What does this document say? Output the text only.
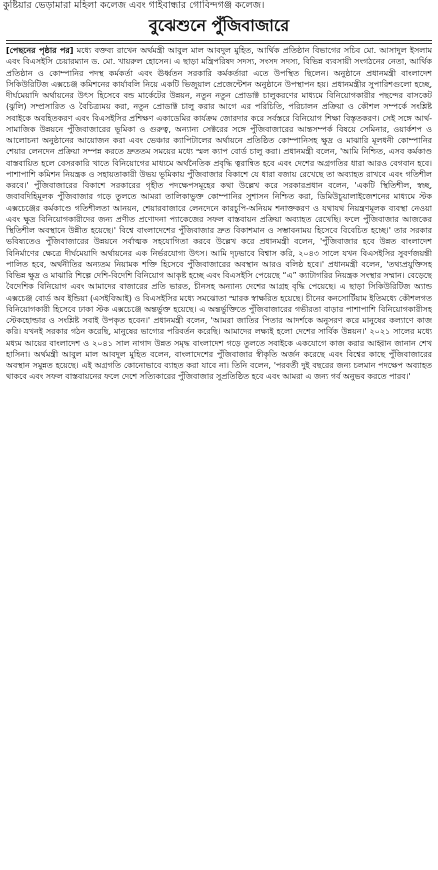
কুষ্টিয়ার ভেড়ামারা মহিলা কলেজ এবং গাইবান্ধার গোবিন্দগঞ্জ কলেজ।
বুঝেশুনে পুঁজিবাজারে

[পেছনের পৃষ্ঠার পর] মধ্যে বক্তব্য রাখেন অর্থমন্ত্রী আবুল মাল আবদুল মুহিত, আর্থিক প্রতিষ্ঠান বিভাগের সচিব মো. আসাদুল ইসলাম এবং বিএসইসি চেয়ারম্যান ড. মো. খায়রুল হোসেন। এ ছাড়া মন্ত্রিপরিষদ সদস্য, সংসদ সদস্য, বিভিন্ন ব্যবসায়ী সংগঠনের নেতা, আর্থিক প্রতিষ্ঠান ও কোম্পানির পদস্থ কর্মকর্তা এবং ঊর্ধ্বতন সরকারি কর্মকর্তারা এতে উপস্থিত ছিলেন। অনুষ্ঠানে প্রধানমন্ত্রী বাংলাদেশ সিকিউরিটিজ এক্সচেঞ্জ কমিশনের কার্যাবলি নিয়ে একটি ভিজুয়াল প্রেজেন্টেশন অনুষ্ঠানে উপস্থাপন হয়। প্রধানমন্ত্রীর সুপারিশগুলো হচ্ছে, দীর্ঘমেয়াদি অর্থায়নের উৎস হিসেবে বন্ড মার্কেটের উন্নয়ন, নতুন নতুন প্রোডাক্ট চালুকরণের মাধ্যমে বিনিয়োগকারীর পছন্দের বাসকেট (ঝুলি) সম্প্রসারিত ও বৈচিত্র্যময় করা, নতুন প্রোডাক্ট চালু করার আগে এর পরিচিতি, পরিচালন প্রক্রিয়া ও কৌশল সম্পর্কে সংশ্লিষ্ট সবাইকে অবহিতকরণ এবং বিএসইসির প্রশিক্ষণ একাডেমির কার্যক্রম জোরদার করে সর্বস্তরে বিনিয়োগ শিক্ষা বিস্তৃতকরণ। সেই সঙ্গে আর্থ-সামাজিক উন্নয়নে পুঁজিবাজারের ভূমিকা ও গুরুত্ব, অন্যান্য সেক্টরের সঙ্গে পুঁজিবাজারের আন্তসম্পর্ক বিষয়ে সেমিনার, ওয়ার্কশপ ও আলোচনা অনুষ্ঠানের আয়োজন করা এবং ভেঞ্চার ক্যাপিটালের অর্থায়নে প্রতিষ্ঠিত কোম্পানিসহ ক্ষুদ্র ও মাঝারি মূলধনী কোম্পানির শেয়ার লেনদেন প্রক্রিয়া সম্পন্ন করতে দ্রুততম সময়ের মধ্যে স্মল ক্যাপ বোর্ড চালু করা। প্রধানমন্ত্রী বলেন, 'আমি নিশ্চিত, এসব কর্মকাণ্ড বাস্তবায়িত হলে বেসরকারি খাতে বিনিয়োগের মাধ্যমে অর্থনৈতিক প্রবৃদ্ধি ত্বরান্বিত হবে এবং দেশের অগ্রগতির ধারা আরও বেগবান হবে। পাশাপাশি কমিশন নিয়ন্ত্রক ও সহায়তাকারী উভয় ভূমিকায় পুঁজিবাজার বিকাশে যে ধারা বজায় রেখেছে তা অব্যাহত রাখবে এবং গতিশীল করবে।' পুঁজিবাজারের বিকাশে সরকারের গৃহীত পদক্ষেপসমূহের কথা উল্লেখ করে সরকারপ্রধান বলেন, 'একটি স্থিতিশীল, স্বচ্ছ, জবাবদিহিমূলক পুঁজিবাজার গড়ে তুলতে আমরা তালিকাভুক্ত কোম্পানির সুশাসন নিশ্চিত করা, ডিমিউচুয়ালাইজেশনের মাধ্যমে স্টক এক্সচেঞ্জের কর্মকাণ্ডে গতিশীলতা আনয়ন, শেয়ারবাজারে লেনদেনে কারচুপি-অনিয়ম শনাক্তকরণ ও যথাযথ নিয়ন্ত্রণমূলক ব্যবস্থা নেওয়া এবং ক্ষুদ্র বিনিয়োগকারীদের জন্য প্রণীত প্রণোদনা প্যাকেজের সফল বাস্তবায়ন প্রক্রিয়া অব্যাহত রেখেছি। ফলে পুঁজিবাজার আজকের স্থিতিশীল অবস্থানে উন্নীত হয়েছে।' বিশ্বে বাংলাদেশের পুঁজিবাজার দ্রুত বিকাশমান ও সম্ভাবনাময় হিসেবে বিবেচিত হচ্ছে।' তার সরকার ভবিষ্যতেও পুঁজিবাজারের উন্নয়নে সর্বাত্মক সহযোগিতা করবে উল্লেখ করে প্রধানমন্ত্রী বলেন, 'পুঁজিবাজার হবে উন্নত বাংলাদেশ বিনির্মাণের ক্ষেত্রে দীর্ঘমেয়াদি অর্থায়নের এক নির্ভরযোগ্য উৎস। আমি দৃঢ়ভাবে বিশ্বাস করি, ২০৪৩ সালে যখন বিএসইসির সুবর্ণজয়ন্তী পালিত হবে, অর্থনীতির অন্যতম নিয়ামক শক্তি হিসেবে পুঁজিবাজারের অবস্থান আরও বলিষ্ঠ হবে।' প্রধানমন্ত্রী বলেন, 'তথ্যপ্রযুক্তিসহ বিভিন্ন ক্ষুদ্র ও মাঝারি শিল্পে দেশি-বিদেশি বিনিয়োগ আকৃষ্ট হচ্ছে এবং বিএসইসি পেয়েছে “এ” ক্যাটাগরির নিয়ন্ত্রক সংস্থার সম্মান। বেড়েছে বৈদেশিক বিনিয়োগ এবং আমাদের বাজারের প্রতি ভারত, চীনসহ অন্যান্য দেশের আগ্রহ বৃদ্ধি পেয়েছে। এ ছাড়া সিকিউরিটিজ অ্যান্ড এক্সচেঞ্জ বোর্ড অব ইন্ডিয়া (এসইবিআই) ও বিএসইসির মধ্যে সমঝোতা স্মারক স্বাক্ষরিত হয়েছে। চীনের কনসোর্টিয়াম ইতিমধ্যে কৌশলগত বিনিয়োগকারী হিসেবে ঢাকা স্টক এক্সচেঞ্জে অন্তর্ভুক্ত হয়েছে। এ অন্তর্ভুক্তিতে পুঁজিবাজারের গভীরতা বাড়ার পাশাপাশি বিনিয়োগকারীসহ স্টেকহোল্ডার ও সংশ্লিষ্ট সবাই উপকৃত হবেন।' প্রধানমন্ত্রী বলেন, 'আমরা জাতির পিতার আদর্শকে অনুসরণ করে মানুষের কল্যাণে কাজ করি। যখনই সরকার গঠন করেছি, মানুষের ভাগ্যের পরিবর্তন করেছি। আমাদের লক্ষ্যই হলো দেশের সার্বিক উন্নয়ন।' ২০২১ সালের মধ্যে মধ্যম আয়ের বাংলাদেশ ও ২০৪১ সাল নাগাদ উন্নত সমৃদ্ধ বাংলাদেশ গড়ে তুলতে সবাইকে একযোগে কাজ করার আহ্বান জানান শেখ হাসিনা। অর্থমন্ত্রী আবুল মাল আবদুল মুহিত বলেন, বাংলাদেশের পুঁজিবাজার স্বীকৃতি অর্জন করেছে এবং বিশ্বের কাছে পুঁজিবাজারের অবস্থান সমুন্নত হয়েছে। এই অগ্রগতি কোনোভাবে ব্যাহত করা যাবে না। তিনি বলেন, 'পরবর্তী দুই বছরের জন্য চলমান পদক্ষেপ অব্যাহত থাকবে এবং সফল বাস্তবায়নের ফলে দেশে সত্যিকারের পুঁজিবাজার সুপ্রতিষ্ঠিত হবে এবং আমরা এ জন্য গর্ব অনুভব করতে পারব।'
